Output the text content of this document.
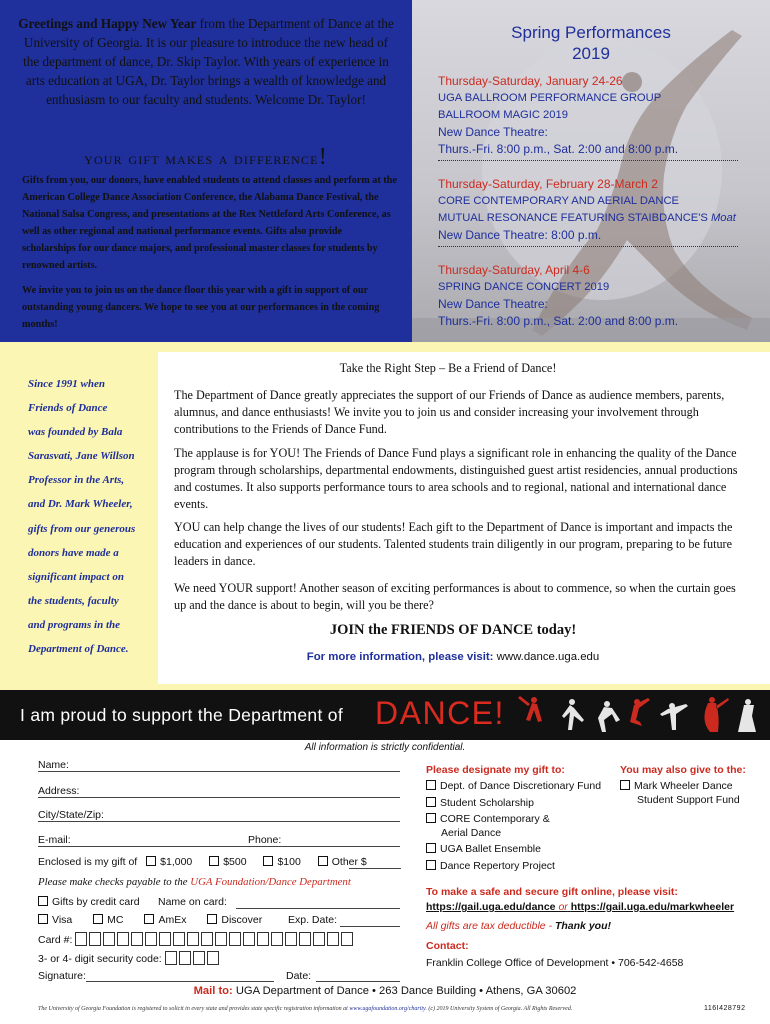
Greetings and Happy New Year from the Department of Dance at the University of Georgia. It is our pleasure to introduce the new head of the department of dance, Dr. Skip Taylor. With years of experience in arts education at UGA, Dr. Taylor brings a wealth of knowledge and enthusiasm to our faculty and students. Welcome Dr. Taylor!
your gift makes a difference!
Gifts from you, our donors, have enabled students to attend classes and perform at the American College Dance Association Conference, the Alabama Dance Festival, the National Salsa Congress, and presentations at the Rex Nettleford Arts Conference, as well as other regional and national performance events. Gifts also provide scholarships for our dance majors, and professional master classes for students by renowned artists.
We invite you to join us on the dance floor this year with a gift in support of our outstanding young dancers. We hope to see you at our performances in the coming months!
Spring Performances
2019
Thursday-Saturday, January 24-26
UGA BALLROOM PERFORMANCE GROUP
BALLROOM MAGIC 2019
New Dance Theatre:
Thurs.-Fri. 8:00 p.m., Sat. 2:00 and 8:00 p.m.
Thursday-Saturday, February 28-March 2
CORE CONTEMPORARY AND AERIAL DANCE
MUTUAL RESONANCE FEATURING STAIBDANCE'S Moat
New Dance Theatre: 8:00 p.m.
Thursday-Saturday, April 4-6
SPRING DANCE CONCERT 2019
New Dance Theatre:
Thurs.-Fri. 8:00 p.m., Sat. 2:00 and 8:00 p.m.
Since 1991 when
Friends of Dance
was founded by Bala
Sarasvati, Jane Willson
Professor in the Arts,
and Dr. Mark Wheeler,
gifts from our generous
donors have made a
significant impact on
the students, faculty
and programs in the
Department of Dance.
Take the Right Step – Be a Friend of Dance!
The Department of Dance greatly appreciates the support of our Friends of Dance as audience members, parents, alumnus, and dance enthusiasts! We invite you to join us and consider increasing your involvement through contributions to the Friends of Dance Fund.
The applause is for YOU! The Friends of Dance Fund plays a significant role in enhancing the quality of the Dance program through scholarships, departmental endowments, distinguished guest artist residencies, annual productions and costumes. It also supports performance tours to area schools and to regional, national and international dance events.
YOU can help change the lives of our students! Each gift to the Department of Dance is important and impacts the education and experiences of our students. Talented students train diligently in our program, preparing to be future leaders in dance.
We need YOUR support! Another season of exciting performances is about to commence, so when the curtain goes up and the dance is about to begin, will you be there?
JOIN the FRIENDS OF DANCE today!
For more information, please visit: www.dance.uga.edu
I am proud to support the Department of DANCE!
All information is strictly confidential.
Name:
Address:
City/State/Zip:
E-mail:	Phone:
Enclosed is my gift of $1,000	$500	$100	Other $
Please make checks payable to the UGA Foundation/Dance Department
Gifts by credit card Name on card:
Visa	MC	AmEx	Discover Exp. Date:
Card #:
3- or 4- digit security code:
Signature:	Date:
Please designate my gift to:
Dept. of Dance Discretionary Fund
Student Scholarship
CORE Contemporary &
Aerial Dance
UGA Ballet Ensemble
Dance Repertory Project
You may also give to the:
Mark Wheeler Dance
Student Support Fund
To make a safe and secure gift online, please visit:
https://gail.uga.edu/dance or https://gail.uga.edu/markwheeler
All gifts are tax deductible - Thank you!
Contact:
Franklin College Office of Development • 706-542-4658
Mail to: UGA Department of Dance • 263 Dance Building • Athens, GA 30602
The University of Georgia Foundation is registered to solicit in every state and provides state specific registration information at www.ugafoundation.org/charity. (c) 2019 University System of Georgia. All Rights Reserved.	116I428792
